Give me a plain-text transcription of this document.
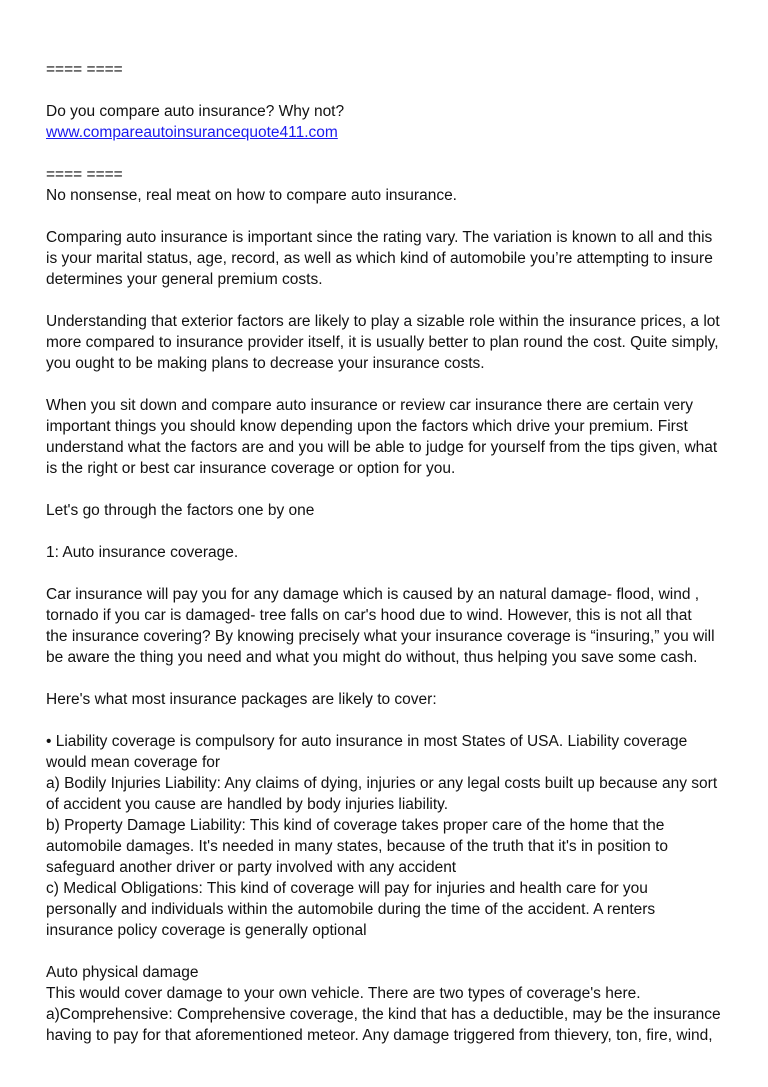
==== ====
Do you compare auto insurance? Why not?
www.compareautoinsurancequote411.com
==== ====
No nonsense, real meat on how to compare auto insurance.
Comparing auto insurance is important since the rating vary. The variation is known to all and this
is your marital status, age, record, as well as which kind of automobile you’re attempting to insure
determines your general premium costs.
Understanding that exterior factors are likely to play a sizable role within the insurance prices, a lot
more compared to insurance provider itself, it is usually better to plan round the cost. Quite simply,
you ought to be making plans to decrease your insurance costs.
When you sit down and compare auto insurance or review car insurance there are certain very
important things you should know depending upon the factors which drive your premium. First
understand what the factors are and you will be able to judge for yourself from the tips given, what
is the right or best car insurance coverage or option for you.
Let's go through the factors one by one
1: Auto insurance coverage.
Car insurance will pay you for any damage which is caused by an natural damage- flood, wind ,
tornado if you car is damaged- tree falls on car's hood due to wind. However, this is not all that
the insurance covering? By knowing precisely what your insurance coverage is “insuring,” you will
be aware the thing you need and what you might do without, thus helping you save some cash.
Here's what most insurance packages are likely to cover:
• Liability coverage is compulsory for auto insurance in most States of USA. Liability coverage
would mean coverage for
a) Bodily Injuries Liability: Any claims of dying, injuries or any legal costs built up because any sort
of accident you cause are handled by body injuries liability.
b) Property Damage Liability: This kind of coverage takes proper care of the home that the
automobile damages. It's needed in many states, because of the truth that it's in position to
safeguard another driver or party involved with any accident
c) Medical Obligations: This kind of coverage will pay for injuries and health care for you
personally and individuals within the automobile during the time of the accident. A renters
insurance policy coverage is generally optional
Auto physical damage
This would cover damage to your own vehicle. There are two types of coverage's here.
a)Comprehensive: Comprehensive coverage, the kind that has a deductible, may be the insurance
having to pay for that aforementioned meteor. Any damage triggered from thievery, ton, fire, wind,
